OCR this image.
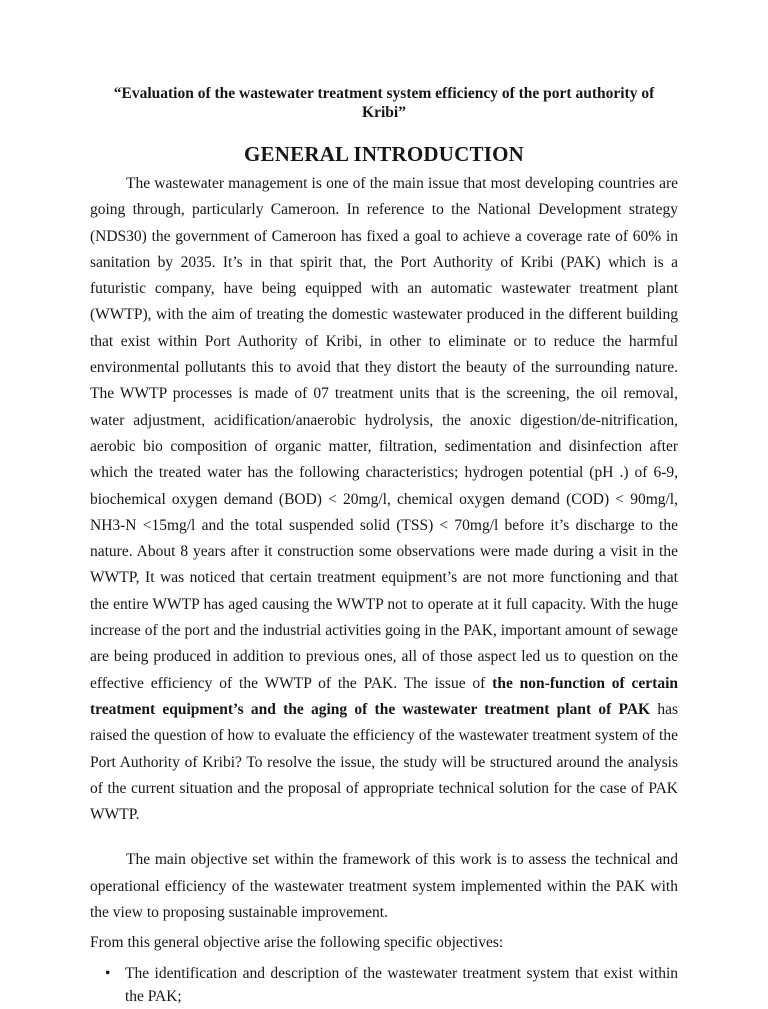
“Evaluation of the wastewater treatment system efficiency of the port authority of Kribi”

GENERAL INTRODUCTION

The wastewater management is one of the main issue that most developing countries are going through, particularly Cameroon. In reference to the National Development strategy (NDS30) the government of Cameroon has fixed a goal to achieve a coverage rate of 60% in sanitation by 2035. It’s in that spirit that, the Port Authority of Kribi (PAK) which is a futuristic company, have being equipped with an automatic wastewater treatment plant (WWTP), with the aim of treating the domestic wastewater produced in the different building that exist within Port Authority of Kribi, in other to eliminate or to reduce the harmful environmental pollutants this to avoid that they distort the beauty of the surrounding nature. The WWTP processes is made of 07 treatment units that is the screening, the oil removal, water adjustment, acidification/anaerobic hydrolysis, the anoxic digestion/de-nitrification, aerobic bio composition of organic matter, filtration, sedimentation and disinfection after which the treated water has the following characteristics; hydrogen potential (pH .) of 6-9, biochemical oxygen demand (BOD) < 20mg/l, chemical oxygen demand (COD) < 90mg/l, NH3-N <15mg/l and the total suspended solid (TSS) < 70mg/l before it’s discharge to the nature. About 8 years after it construction some observations were made during a visit in the WWTP, It was noticed that certain treatment equipment’s are not more functioning and that the entire WWTP has aged causing the WWTP not to operate at it full capacity. With the huge increase of the port and the industrial activities going in the PAK, important amount of sewage are being produced in addition to previous ones, all of those aspect led us to question on the effective efficiency of the WWTP of the PAK. The issue of the non-function of certain treatment equipment’s and the aging of the wastewater treatment plant of PAK has raised the question of how to evaluate the efficiency of the wastewater treatment system of the Port Authority of Kribi? To resolve the issue, the study will be structured around the analysis of the current situation and the proposal of appropriate technical solution for the case of PAK WWTP.

The main objective set within the framework of this work is to assess the technical and operational efficiency of the wastewater treatment system implemented within the PAK with the view to proposing sustainable improvement.

From this general objective arise the following specific objectives:

• The identification and description of the wastewater treatment system that exist within the PAK;
